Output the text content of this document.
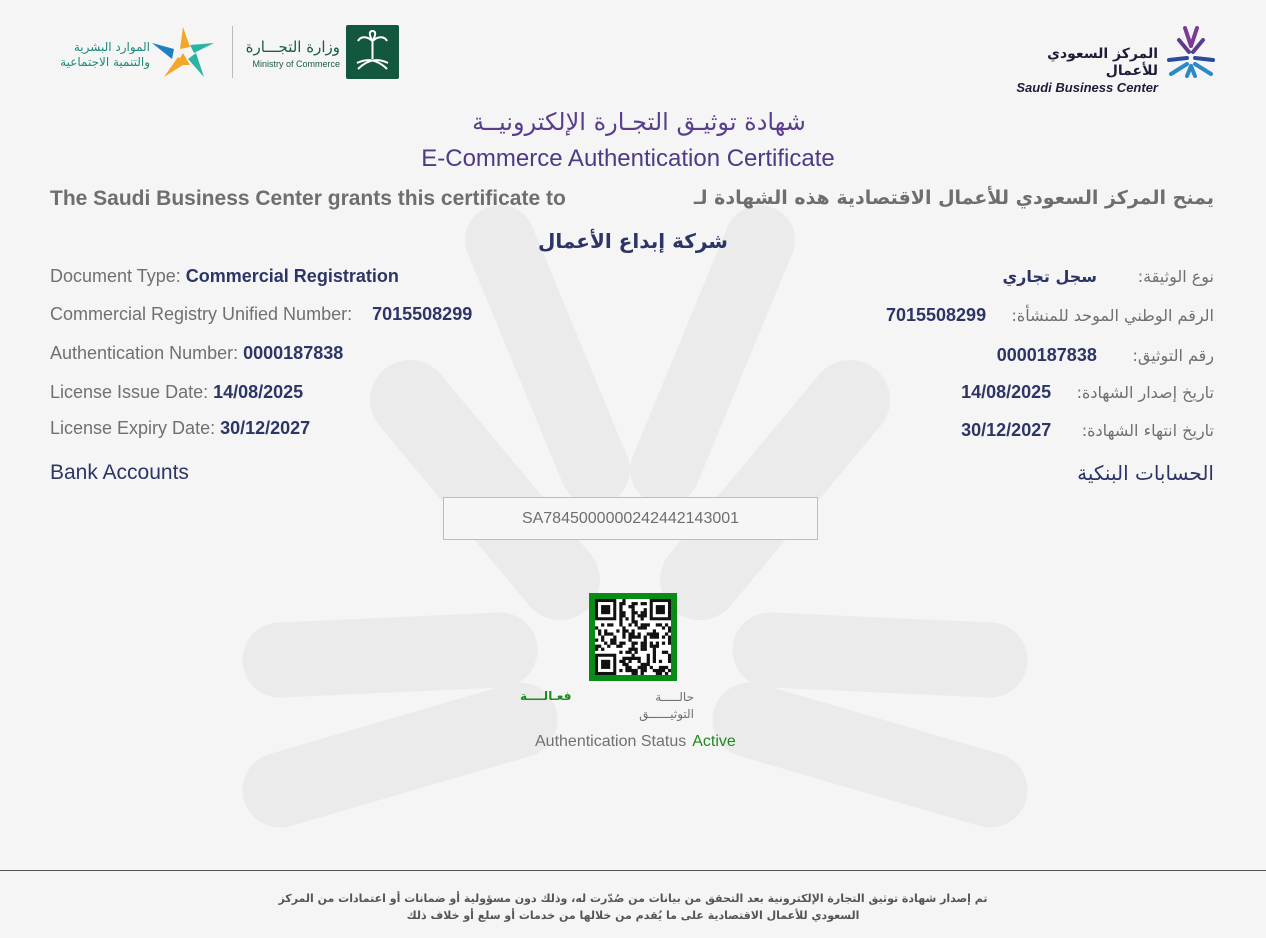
الموارد البشرية
والتنمية الاجتماعية
وزارة التجـــارة
Ministry of Commerce
المركز السعودي للأعمال
Saudi Business Center
شهادة توثيـق التجـارة الإلكترونيــة
E-Commerce Authentication Certificate
The Saudi Business Center grants this certificate to	يمنح المركز السعودي للأعمال الاقتصادية هذه الشهادة لـ
شركة إبداع الأعمال
Document Type: Commercial Registration	نوع الوثيقة:        سجل تجاري
Commercial Registry Unified Number: 7015508299	الرقم الوطني الموحد للمنشأة:     7015508299
Authentication Number: 0000187838	رقم التوثيق:       0000187838
License Issue Date: 14/08/2025	تاريخ إصدار الشهادة:     14/08/2025
License Expiry Date: 30/12/2027	تاريخ انتهاء الشهادة:      30/12/2027
Bank Accounts	الحسابات البنكية
SA7845000000242442143001
فعـالــــة	حالـــــة
التوثيــــــق
Authentication Status Active
تم إصدار شهادة توثيق التجارة الإلكترونية بعد التحقق من بيانات من صُدّرت له، وذلك دون مسؤولية أو ضمانات أو اعتمادات من المركز
السعودي للأعمال الاقتصادية على ما يُقدم من خلالها من خدمات أو سلع أو خلاف ذلك
